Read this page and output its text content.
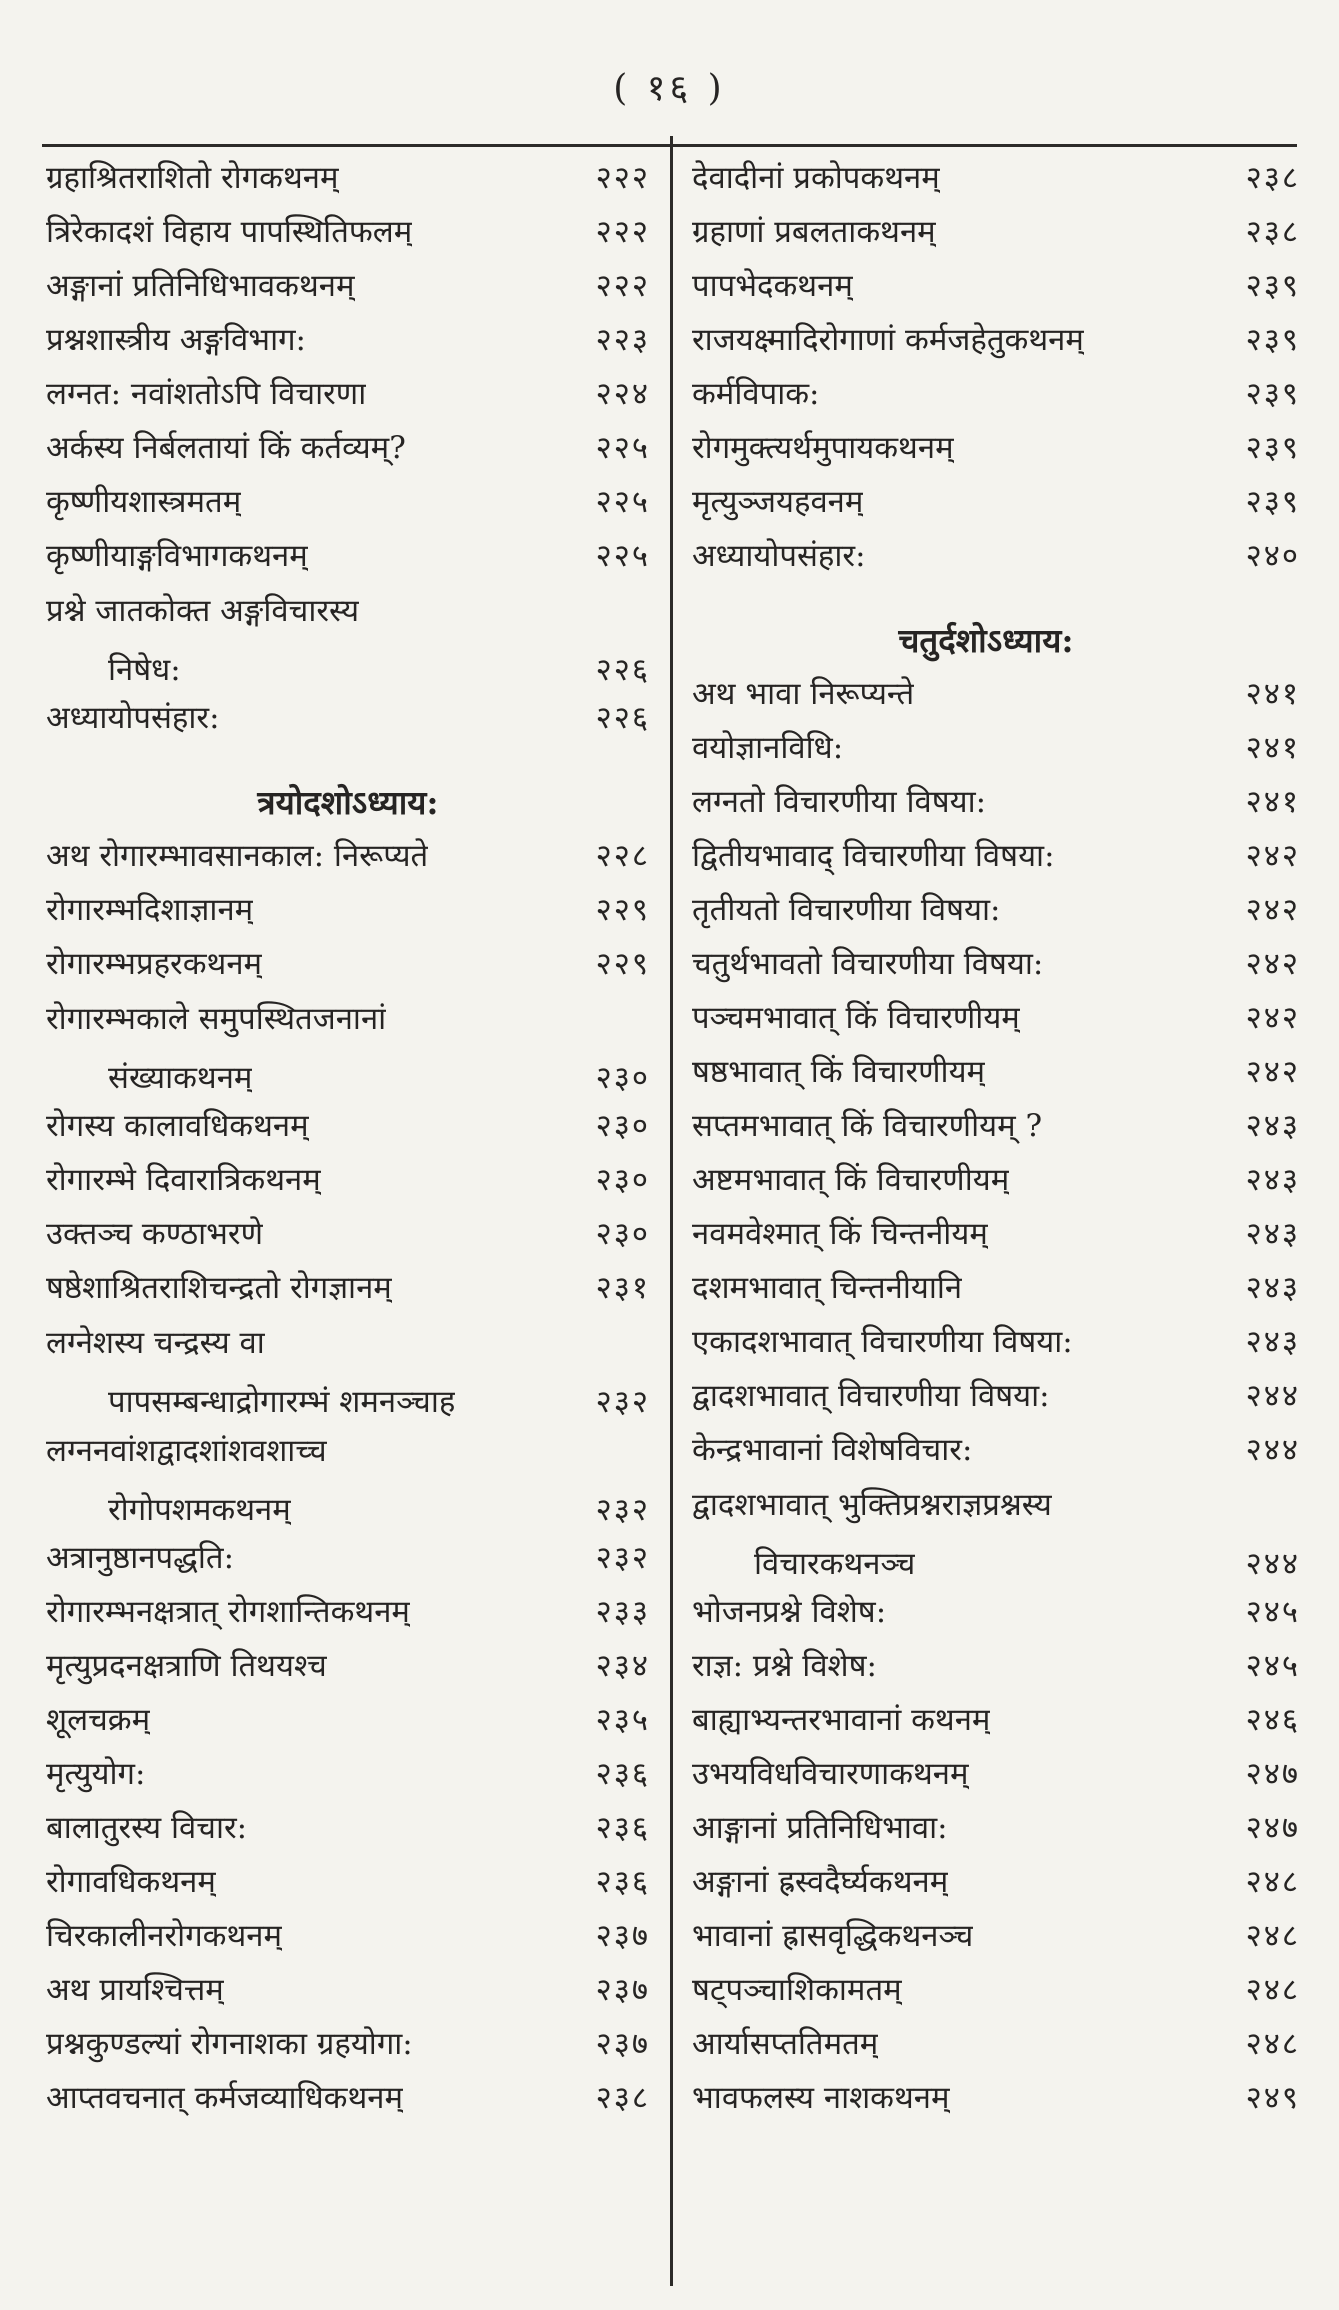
( १६ )
ग्रहाश्रितराशितो रोगकथनम्	२२२
त्रिरेकादशं विहाय पापस्थितिफलम्	२२२
अङ्गानां प्रतिनिधिभावकथनम्	२२२
प्रश्नशास्त्रीय अङ्गविभाग:	२२३
लग्नत: नवांशतोऽपि विचारणा	२२४
अर्कस्य निर्बलतायां किं कर्तव्यम्?	२२५
कृष्णीयशास्त्रमतम्	२२५
कृष्णीयाङ्गविभागकथनम्	२२५
प्रश्ने जातकोक्त अङ्गविचारस्य
निषेध:	२२६
अध्यायोपसंहार:	२२६
त्रयोदशोऽध्याय:
अथ रोगारम्भावसानकाल: निरूप्यते	२२८
रोगारम्भदिशाज्ञानम्	२२९
रोगारम्भप्रहरकथनम्	२२९
रोगारम्भकाले समुपस्थितजनानां
संख्याकथनम्	२३०
रोगस्य कालावधिकथनम्	२३०
रोगारम्भे दिवारात्रिकथनम्	२३०
उक्तञ्च कण्ठाभरणे	२३०
षष्ठेशाश्रितराशिचन्द्रतो रोगज्ञानम्	२३१
लग्नेशस्य चन्द्रस्य वा
पापसम्बन्धाद्रोगारम्भं शमनञ्चाह	२३२
लग्ननवांशद्वादशांशवशाच्च
रोगोपशमकथनम्	२३२
अत्रानुष्ठानपद्धति:	२३२
रोगारम्भनक्षत्रात् रोगशान्तिकथनम्	२३३
मृत्युप्रदनक्षत्राणि तिथयश्च	२३४
शूलचक्रम्	२३५
मृत्युयोग:	२३६
बालातुरस्य विचार:	२३६
रोगावधिकथनम्	२३६
चिरकालीनरोगकथनम्	२३७
अथ प्रायश्चित्तम्	२३७
प्रश्नकुण्डल्यां रोगनाशका ग्रहयोगा:	२३७
आप्तवचनात् कर्मजव्याधिकथनम्	२३८
देवादीनां प्रकोपकथनम्	२३८
ग्रहाणां प्रबलताकथनम्	२३८
पापभेदकथनम्	२३९
राजयक्ष्मादिरोगाणां कर्मजहेतुकथनम्	२३९
कर्मविपाक:	२३९
रोगमुक्त्यर्थमुपायकथनम्	२३९
मृत्युञ्जयहवनम्	२३९
अध्यायोपसंहार:	२४०
चतुर्दशोऽध्याय:
अथ भावा निरूप्यन्ते	२४१
वयोज्ञानविधि:	२४१
लग्नतो विचारणीया विषया:	२४१
द्वितीयभावाद् विचारणीया विषया:	२४२
तृतीयतो विचारणीया विषया:	२४२
चतुर्थभावतो विचारणीया विषया:	२४२
पञ्चमभावात् किं विचारणीयम्	२४२
षष्ठभावात् किं विचारणीयम्	२४२
सप्तमभावात् किं विचारणीयम् ?	२४३
अष्टमभावात् किं विचारणीयम्	२४३
नवमवेश्मात् किं चिन्तनीयम्	२४३
दशमभावात् चिन्तनीयानि	२४३
एकादशभावात् विचारणीया विषया:	२४३
द्वादशभावात् विचारणीया विषया:	२४४
केन्द्रभावानां विशेषविचार:	२४४
द्वादशभावात् भुक्तिप्रश्नराज्ञप्रश्नस्य
विचारकथनञ्च	२४४
भोजनप्रश्ने विशेष:	२४५
राज्ञ: प्रश्ने विशेष:	२४५
बाह्याभ्यन्तरभावानां कथनम्	२४६
उभयविधविचारणाकथनम्	२४७
आङ्गानां प्रतिनिधिभावा:	२४७
अङ्गानां ह्रस्वदैर्घ्यकथनम्	२४८
भावानां ह्रासवृद्धिकथनञ्च	२४८
षट्पञ्चाशिकामतम्	२४८
आर्यासप्ततिमतम्	२४८
भावफलस्य नाशकथनम्	२४९
